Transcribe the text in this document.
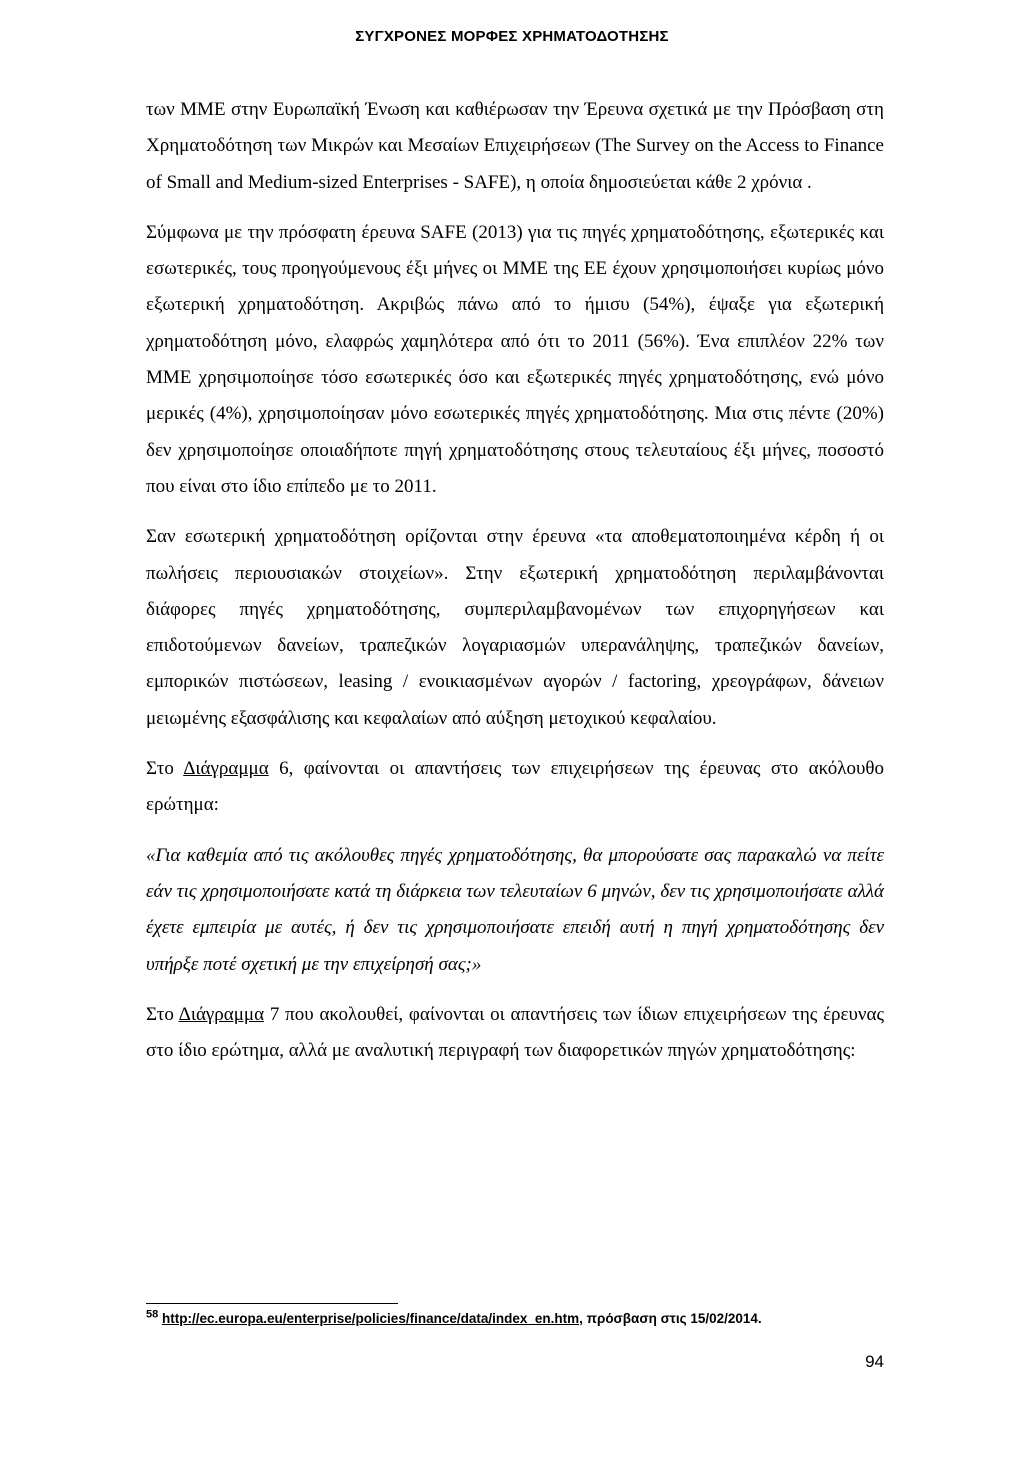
ΣΥΓΧΡΟΝΕΣ ΜΟΡΦΕΣ ΧΡΗΜΑΤΟΔΟΤΗΣΗΣ

των ΜΜΕ στην Ευρωπαϊκή Ένωση και καθιέρωσαν την Έρευνα σχετικά με την Πρόσβαση στη Χρηματοδότηση των Μικρών και Μεσαίων Επιχειρήσεων (The Survey on the Access to Finance of Small and Medium-sized Enterprises - SAFE), η οποία δημοσιεύεται κάθε 2 χρόνια .

Σύμφωνα με την πρόσφατη έρευνα SAFE (2013) για τις πηγές χρηματοδότησης, εξωτερικές και εσωτερικές, τους προηγούμενους έξι μήνες οι ΜΜΕ της ΕΕ έχουν χρησιμοποιήσει κυρίως μόνο εξωτερική χρηματοδότηση. Ακριβώς πάνω από το ήμισυ (54%), έψαξε για εξωτερική χρηματοδότηση μόνο, ελαφρώς χαμηλότερα από ότι το 2011 (56%). Ένα επιπλέον 22% των ΜΜΕ χρησιμοποίησε τόσο εσωτερικές όσο και εξωτερικές πηγές χρηματοδότησης, ενώ μόνο μερικές (4%), χρησιμοποίησαν μόνο εσωτερικές πηγές χρηματοδότησης. Μια στις πέντε (20%) δεν χρησιμοποίησε οποιαδήποτε πηγή χρηματοδότησης στους τελευταίους έξι μήνες, ποσοστό που είναι στο ίδιο επίπεδο με το 2011.

Σαν εσωτερική χρηματοδότηση ορίζονται στην έρευνα «τα αποθεματοποιημένα κέρδη ή οι πωλήσεις περιουσιακών στοιχείων». Στην εξωτερική χρηματοδότηση περιλαμβάνονται διάφορες πηγές χρηματοδότησης, συμπεριλαμβανομένων των επιχορηγήσεων και επιδοτούμενων δανείων, τραπεζικών λογαριασμών υπερανάληψης, τραπεζικών δανείων, εμπορικών πιστώσεων, leasing / ενοικιασμένων αγορών / factoring, χρεογράφων, δάνειων μειωμένης εξασφάλισης και κεφαλαίων από αύξηση μετοχικού κεφαλαίου.

Στο Διάγραμμα 6, φαίνονται οι απαντήσεις των επιχειρήσεων της έρευνας στο ακόλουθο ερώτημα:

«Για καθεμία από τις ακόλουθες πηγές χρηματοδότησης, θα μπορούσατε σας παρακαλώ να πείτε εάν τις χρησιμοποιήσατε κατά τη διάρκεια των τελευταίων 6 μηνών, δεν τις χρησιμοποιήσατε αλλά έχετε εμπειρία με αυτές, ή δεν τις χρησιμοποιήσατε επειδή αυτή η πηγή χρηματοδότησης δεν υπήρξε ποτέ σχετική με την επιχείρησή σας;»

Στο Διάγραμμα 7 που ακολουθεί, φαίνονται οι απαντήσεις των ίδιων επιχειρήσεων της έρευνας στο ίδιο ερώτημα, αλλά με αναλυτική περιγραφή των διαφορετικών πηγών χρηματοδότησης:

$^{58}$ http://ec.europa.eu/enterprise/policies/finance/data/index_en.htm, πρόσβαση στις 15/02/2014.
94
